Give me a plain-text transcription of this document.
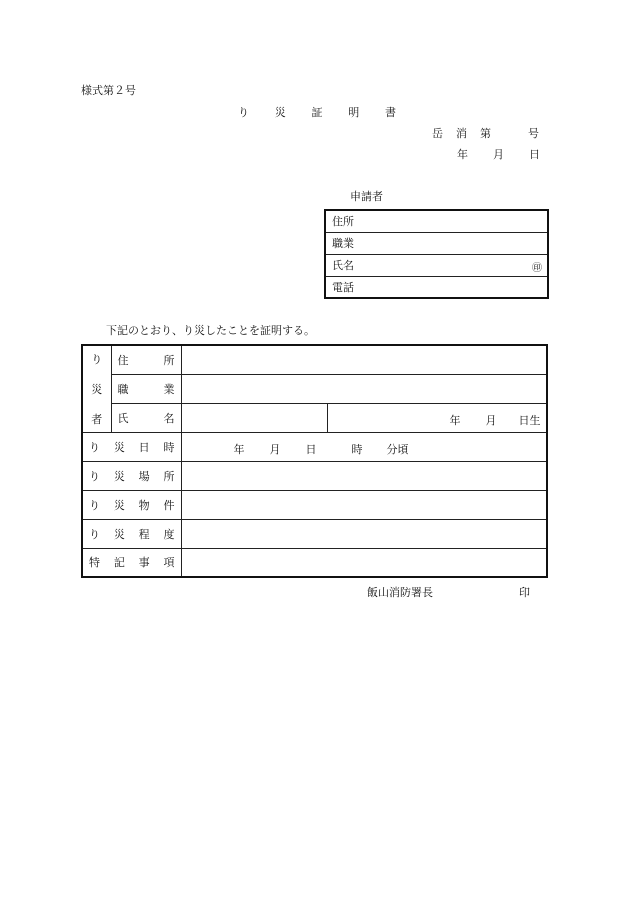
様式第２号
り 災 証 明 書
岳 消 第	号
年 月 日
申請者
住所
職業
氏名	㊞

電話
下記のとおり、り災したことを証明する。
り
災
者	住 所		

	職 業		

	氏 名		年 月 日生

り 災 日 時		年 月 日 時 分頃	

り 災 場 所			

り 災 物 件			

り 災 程 度			

特 記 事 項			

飯山消防署長	印
